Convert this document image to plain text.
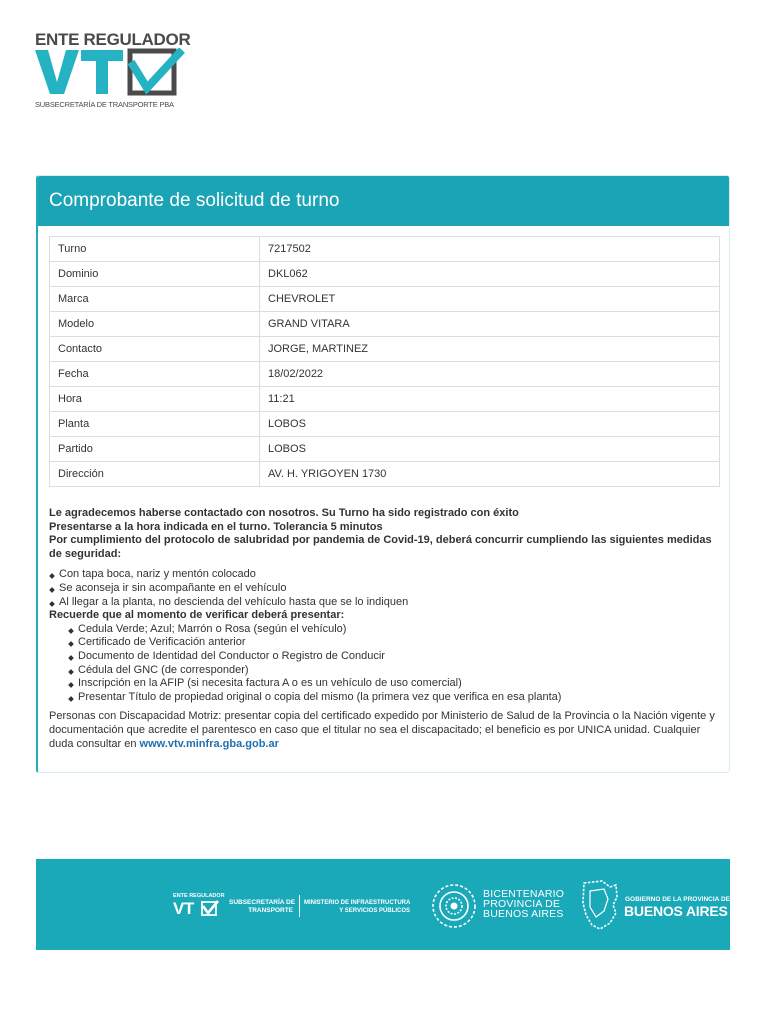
ENTE REGULADOR
SUBSECRETARÍA DE TRANSPORTE PBA
Comprobante de solicitud de turno
Turno	7217502
Dominio	DKL062
Marca	CHEVROLET
Modelo	GRAND VITARA
Contacto	JORGE, MARTINEZ
Fecha	18/02/2022
Hora	11:21
Planta	LOBOS
Partido	LOBOS
Dirección	AV. H. YRIGOYEN 1730
Le agradecemos haberse contactado con nosotros. Su Turno ha sido registrado con éxito
Presentarse a la hora indicada en el turno. Tolerancia 5 minutos
Por cumplimiento del protocolo de salubridad por pandemia de Covid-19, deberá concurrir cumpliendo las siguientes medidas de seguridad:
Con tapa boca, nariz y mentón colocado
Se aconseja ir sin acompañante en el vehículo
Al llegar a la planta, no descienda del vehículo hasta que se lo indiquen
Recuerde que al momento de verificar deberá presentar:
Cedula Verde; Azul; Marrón o Rosa (según el vehículo)
Certificado de Verificación anterior
Documento de Identidad del Conductor o Registro de Conducir
Cédula del GNC (de corresponder)
Inscripción en la AFIP (si necesita factura A o es un vehículo de uso comercial)
Presentar Título de propiedad original o copia del mismo (la primera vez que verifica en esa planta)
Personas con Discapacidad Motriz: presentar copia del certificado expedido por Ministerio de Salud de la Provincia o la Nación vigente y documentación que acredite el parentesco en caso que el titular no sea el discapacitado; el beneficio es por UNICA unidad. Cualquier duda consultar en www.vtv.minfra.gba.gob.ar
ENTE REGULADOR
VT	SUBSECRETARÍA DE
TRANSPORTE
MINISTERIO DE INFRAESTRUCTURA
Y SERVICIOS PÚBLICOS
BICENTENARIO
PROVINCIA DE
BUENOS AIRES
GOBIERNO DE LA PROVINCIA DE
BUENOS AIRES
